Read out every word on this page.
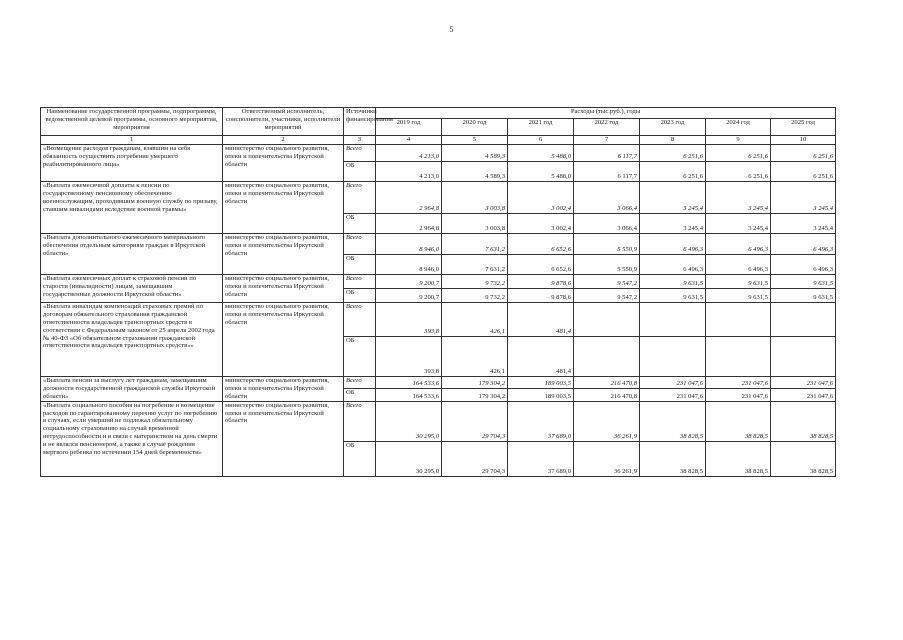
5
Наименование государственной программы, подпрограммы, ведомственной целевой программы, основного мероприятия, мероприятия	Ответственный исполнитель, соисполнители, участники, исполнители мероприятий	Источники финансирования	Расходы (тыс.руб.), годы						
			2019 год	2020 год	2021 год	2022 год	2023 год	2024 год	2025 год
1	2	3	4	5	6	7	8	9	10
«Возмещение расходов гражданам, взявшим на себя обязанность осуществить погребение умершего реабилитированного лица»	министерство социального развития, опеки и попечительства Иркутской области	Всего	4 213,0	4 589,3	5 488,0	6 117,7	6 251,6	6 251,6	6 251,6
		ОБ	4 213,0	4 589,3	5 488,0	6 117,7	6 251,6	6 251,6	6 251,6
«Выплата ежемесячной доплаты к пенсии по государственному пенсионному обеспечению военнослужащим, проходившим военную службу по призыву, ставшим инвалидами вследствие военной травмы»	министерство социального развития, опеки и попечительства Иркутской области	Всего	2 964,8	3 003,8	3 002,4	3 066,4	3 245,4	3 245,4	3 245,4
		ОБ	2 964,8	3 003,8	3 002,4	3 066,4	3 245,4	3 245,4	3 245,4
«Выплата дополнительного ежемесячного материального обеспечения отдельным категориям граждан в Иркутской области»	министерство социального развития, опеки и попечительства Иркутской области	Всего	8 946,0	7 631,2	6 652,6	5 550,9	6 496,3	6 496,3	6 496,3
		ОБ	8 946,0	7 631,2	6 652,6	5 550,9	6 496,3	6 496,3	6 496,3
«Выплата ежемесячных доплат к страховой пенсии по старости (инвалидности) лицам, замещавшим государственные должности Иркутской области»	министерство социального развития, опеки и попечительства Иркутской области	Всего	9 200,7	9 732,2	9 878,6	9 547,2	9 631,5	9 631,5	9 631,5
		ОБ	9 200,7	9 732,2	9 878,6	9 547,2	9 631,5	9 631,5	9 631,5
«Выплата инвалидам компенсаций страховых премий по договорам обязательного страхования гражданской ответственности владельцев транспортных средств в соответствии с Федеральным законом от 25 апреля 2002 года № 40-ФЗ «Об обязательном страховании гражданской ответственности владельцев транспортных средств»»	министерство социального развития, опеки и попечительства Иркутской области	Всего	393,8	426,1	481,4				
		ОБ	393,8	426,1	481,4				
«Выплата пенсии за выслугу лет гражданам, замещавшим должности государственной гражданской службы Иркутской области»	министерство социального развития, опеки и попечительства Иркутской области	Всего	164 533,6	179 304,2	189 003,5	216 470,8	231 047,6	231 047,6	231 047,6
		ОБ	164 533,6	179 304,2	189 003,5	216 470,8	231 047,6	231 047,6	231 047,6
«Выплата социального пособия на погребение и возмещение расходов по гарантированному перечню услуг по погребению в случаях, если умерший не подлежал обязательному социальному страхованию на случай временной нетрудоспособности и в связи с материнством на день смерти и не являлся пенсионером, а также в случае рождения мертвого ребенка по истечении 154 дней беременности»	министерство социального развития, опеки и попечительства Иркутской области	Всего	30 295,0	29 704,3	37 689,0	36 261,9	38 828,5	38 828,5	38 828,5
		ОБ	30 295,0	29 704,3	37 689,0	36 261,9	38 828,5	38 828,5	38 828,5
